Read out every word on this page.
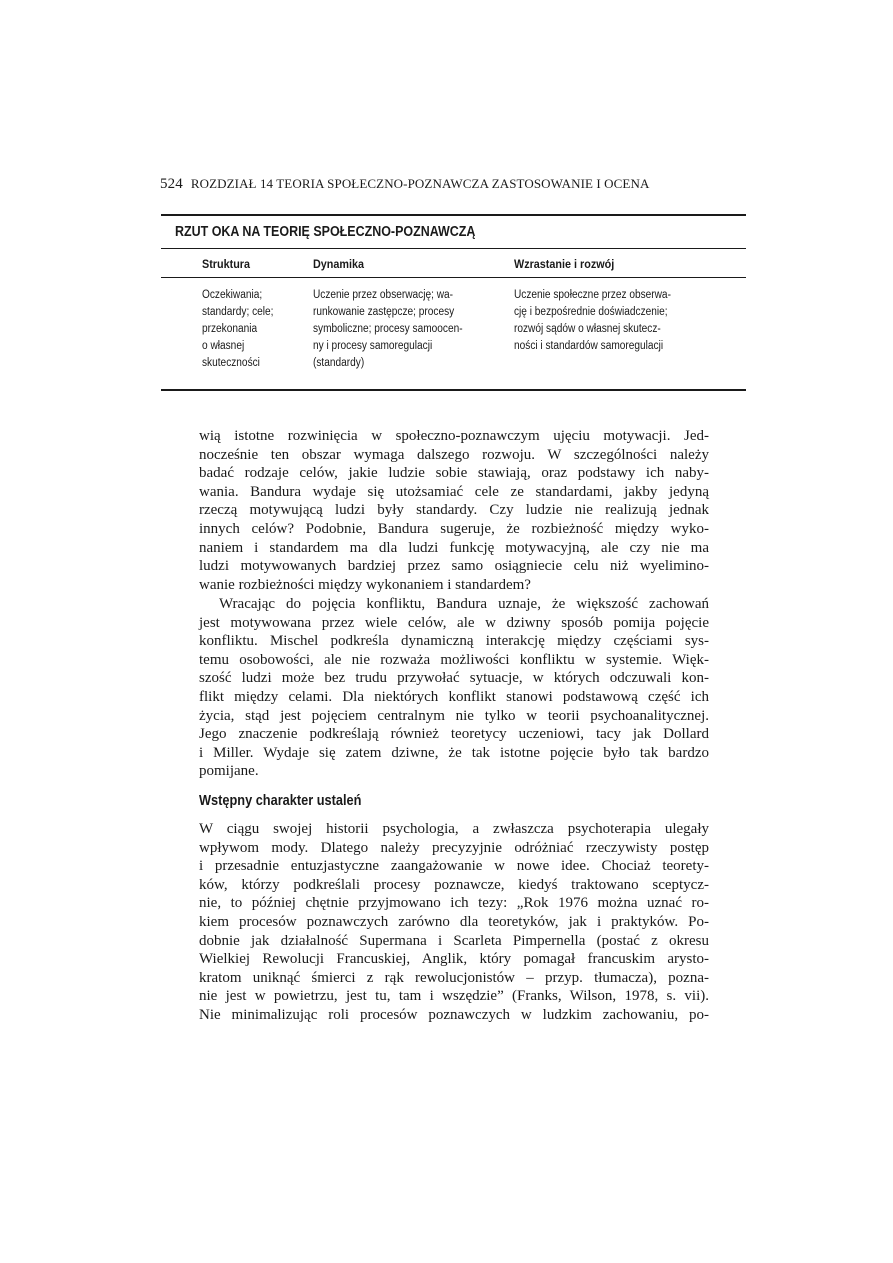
524 ROZDZIAŁ 14 TEORIA SPOŁECZNO-POZNAWCZA ZASTOSOWANIE I OCENA
RZUT OKA NA TEORIĘ SPOŁECZNO-POZNAWCZĄ
Struktura	Dynamika	Wzrastanie i rozwój
Oczekiwania;
standardy; cele;
przekonania
o własnej
skuteczności
Uczenie przez obserwację; wa-
runkowanie zastępcze; procesy
symboliczne; procesy samoocen-
ny i procesy samoregulacji
(standardy)
Uczenie społeczne przez obserwa-
cję i bezpośrednie doświadczenie;
rozwój sądów o własnej skutecz-
ności i standardów samoregulacji
wią istotne rozwinięcia w społeczno-poznawczym ujęciu motywacji. Jed-
nocześnie ten obszar wymaga dalszego rozwoju. W szczególności należy
badać rodzaje celów, jakie ludzie sobie stawiają, oraz podstawy ich naby-
wania. Bandura wydaje się utożsamiać cele ze standardami, jakby jedyną
rzeczą motywującą ludzi były standardy. Czy ludzie nie realizują jednak
innych celów? Podobnie, Bandura sugeruje, że rozbieżność między wyko-
naniem i standardem ma dla ludzi funkcję motywacyjną, ale czy nie ma
ludzi motywowanych bardziej przez samo osiągniecie celu niż wyelimino-
wanie rozbieżności między wykonaniem i standardem?
Wracając do pojęcia konfliktu, Bandura uznaje, że większość zachowań
jest motywowana przez wiele celów, ale w dziwny sposób pomija pojęcie
konfliktu. Mischel podkreśla dynamiczną interakcję między częściami sys-
temu osobowości, ale nie rozważa możliwości konfliktu w systemie. Więk-
szość ludzi może bez trudu przywołać sytuacje, w których odczuwali kon-
flikt między celami. Dla niektórych konflikt stanowi podstawową część ich
życia, stąd jest pojęciem centralnym nie tylko w teorii psychoanalitycznej.
Jego znaczenie podkreślają również teoretycy uczeniowi, tacy jak Dollard
i Miller. Wydaje się zatem dziwne, że tak istotne pojęcie było tak bardzo
pomijane.
Wstępny charakter ustaleń
W ciągu swojej historii psychologia, a zwłaszcza psychoterapia ulegały
wpływom mody. Dlatego należy precyzyjnie odróżniać rzeczywisty postęp
i przesadnie entuzjastyczne zaangażowanie w nowe idee. Chociaż teorety-
ków, którzy podkreślali procesy poznawcze, kiedyś traktowano sceptycz-
nie, to później chętnie przyjmowano ich tezy: „Rok 1976 można uznać ro-
kiem procesów poznawczych zarówno dla teoretyków, jak i praktyków. Po-
dobnie jak działalność Supermana i Scarleta Pimpernella (postać z okresu
Wielkiej Rewolucji Francuskiej, Anglik, który pomagał francuskim arysto-
kratom uniknąć śmierci z rąk rewolucjonistów – przyp. tłumacza), pozna-
nie jest w powietrzu, jest tu, tam i wszędzie” (Franks, Wilson, 1978, s. vii).
Nie minimalizując roli procesów poznawczych w ludzkim zachowaniu, po-
